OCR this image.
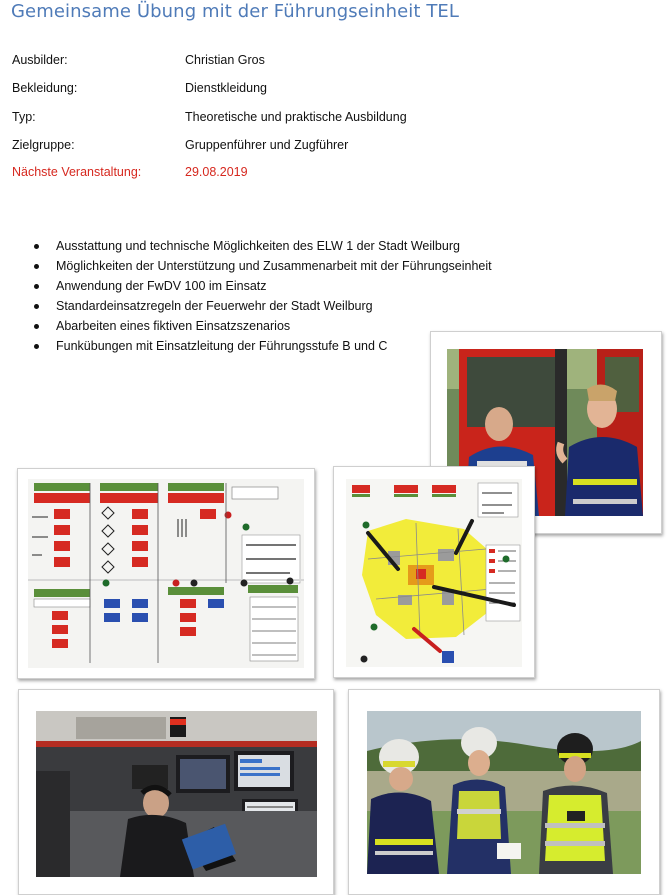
Gemeinsame Übung mit der Führungseinheit TEL
Ausbilder:	Christian Gros
Bekleidung:	Dienstkleidung
Typ:	Theoretische und praktische Ausbildung
Zielgruppe:	Gruppenführer und Zugführer
Nächste Veranstaltung:	29.08.2019
Ausstattung und technische Möglichkeiten des ELW 1 der Stadt Weilburg
Möglichkeiten der Unterstützung und Zusammenarbeit mit der Führungseinheit
Anwendung der FwDV 100 im Einsatz
Standardeinsatzregeln der Feuerwehr der Stadt Weilburg
Abarbeiten eines fiktiven Einsatzszenarios
Funkübungen mit Einsatzleitung der Führungsstufe B und C
